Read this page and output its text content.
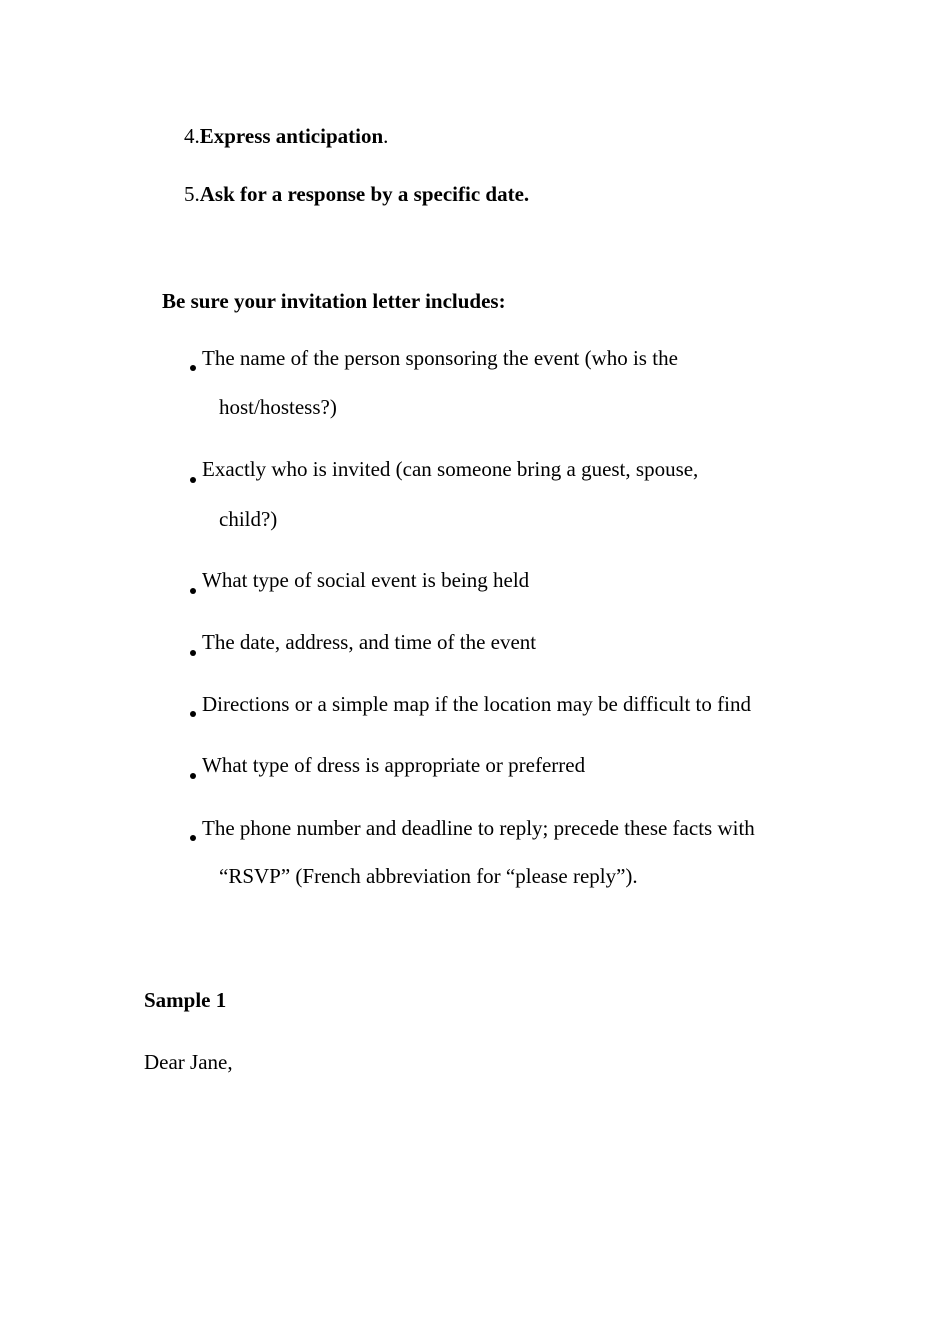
4.Express anticipation.
5.Ask for a response by a specific date.
Be sure your invitation letter includes:
The name of the person sponsoring the event (who is the
host/hostess?)
Exactly who is invited (can someone bring a guest, spouse,
child?)
What type of social event is being held
The date, address, and time of the event
Directions or a simple map if the location may be difficult to find
What type of dress is appropriate or preferred
The phone number and deadline to reply; precede these facts with
“RSVP” (French abbreviation for “please reply”).
Sample 1
Dear Jane,
